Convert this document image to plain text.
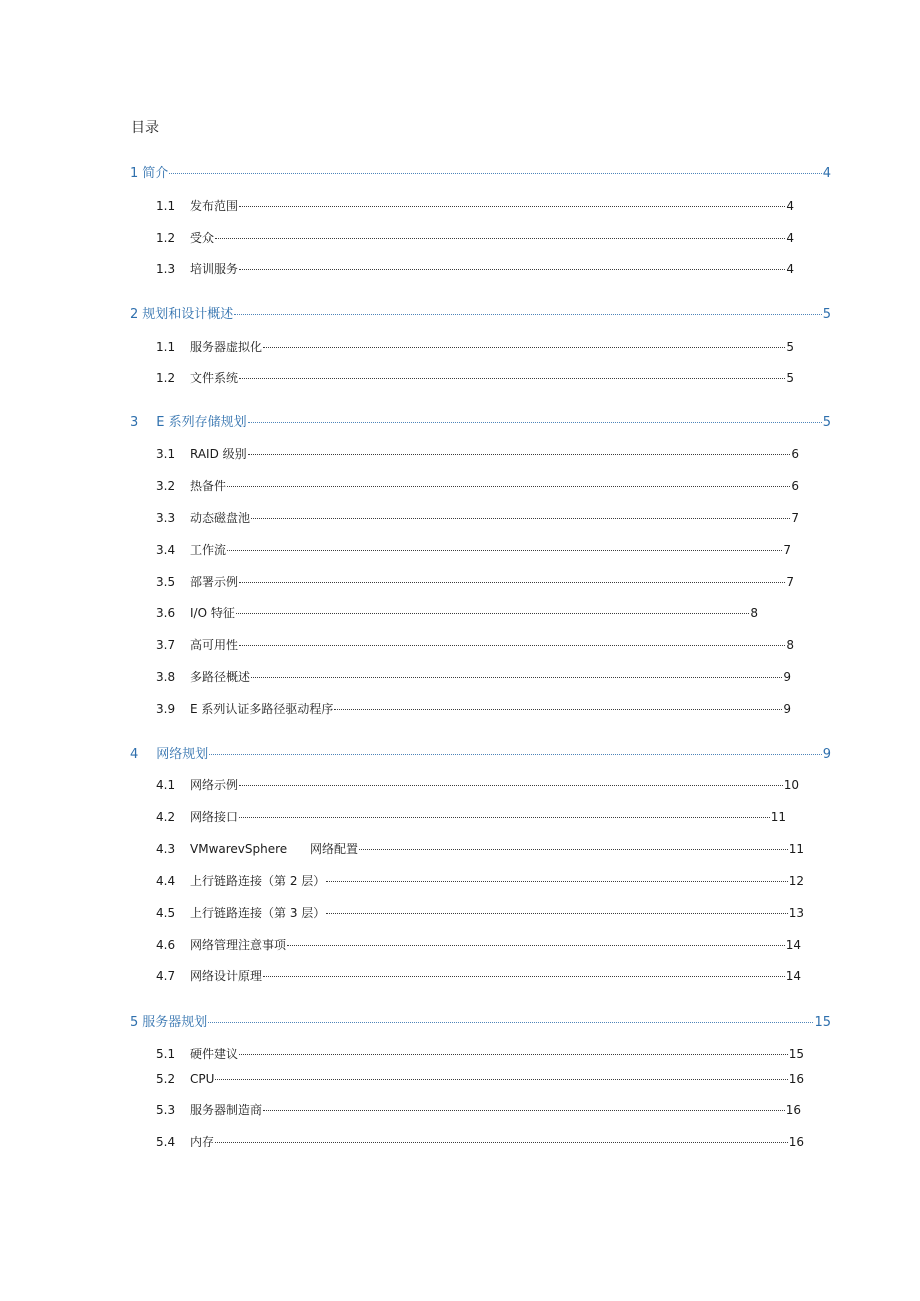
目录
1 简介	4
1.1	发布范围	4
1.2	受众	4
1.3	培训服务	4
2 规划和设计概述	5
1.1	服务器虚拟化	5
1.2	文件系统	5
3 E 系列存储规划	5
3.1	RAID 级别	6
3.2	热备件	6
3.3	动态磁盘池	7
3.4	工作流	7
3.5	部署示例	7
3.6	I/O 特征	8
3.7	高可用性	8
3.8	多路径概述	9
3.9	E 系列认证多路径驱动程序	9
4 网络规划	9
4.1	网络示例	10
4.2	网络接口	11
4.3	VMwarevSphere      网络配置	11
4.4	上行链路连接（第 2 层）	12
4.5	上行链路连接（第 3 层）	13
4.6	网络管理注意事项	14
4.7	网络设计原理	14
5 服务器规划	15
5.1	硬件建议	15
5.2	CPU	16
5.3	服务器制造商	16
5.4	内存	16
